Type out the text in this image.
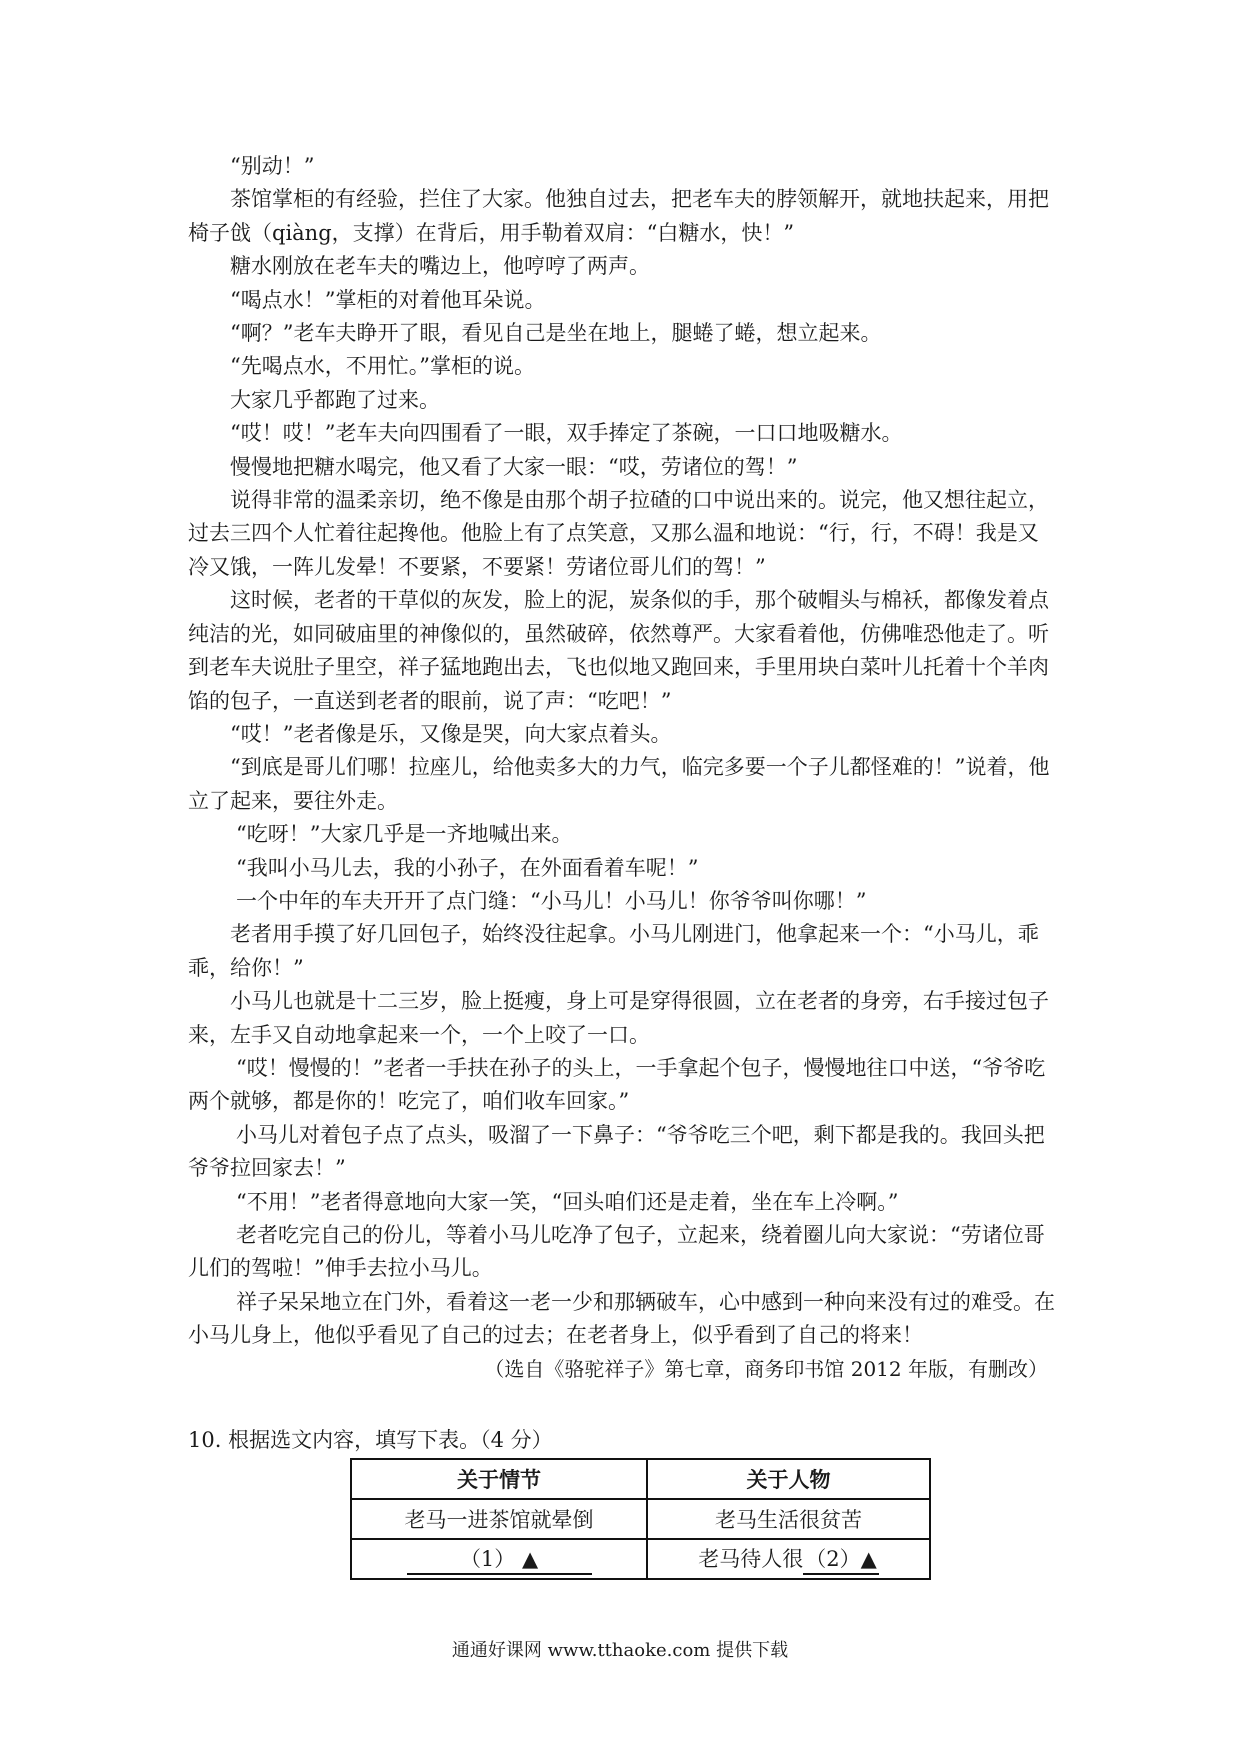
“别动！”

茶馆掌柜的有经验，拦住了大家。他独自过去，把老车夫的脖领解开，就地扶起来，用把椅子戗（qiàng，支撑）在背后，用手勒着双肩：“白糖水，快！”

糖水刚放在老车夫的嘴边上，他哼哼了两声。

“喝点水！”掌柜的对着他耳朵说。

“啊？”老车夫睁开了眼，看见自己是坐在地上，腿蜷了蜷，想立起来。

“先喝点水，不用忙。”掌柜的说。

大家几乎都跑了过来。

“哎！哎！”老车夫向四围看了一眼，双手捧定了茶碗，一口口地吸糖水。

慢慢地把糖水喝完，他又看了大家一眼：“哎，劳诸位的驾！”

说得非常的温柔亲切，绝不像是由那个胡子拉碴的口中说出来的。说完，他又想往起立，过去三四个人忙着往起搀他。他脸上有了点笑意，又那么温和地说：“行，行，不碍！我是又冷又饿，一阵儿发晕！不要紧，不要紧！劳诸位哥儿们的驾！”

这时候，老者的干草似的灰发，脸上的泥，炭条似的手，那个破帽头与棉袄，都像发着点纯洁的光，如同破庙里的神像似的，虽然破碎，依然尊严。大家看着他，仿佛唯恐他走了。听到老车夫说肚子里空，祥子猛地跑出去，飞也似地又跑回来，手里用块白菜叶儿托着十个羊肉馅的包子，一直送到老者的眼前，说了声：“吃吧！”

“哎！”老者像是乐，又像是哭，向大家点着头。

“到底是哥儿们哪！拉座儿，给他卖多大的力气，临完多要一个子儿都怪难的！”说着，他立了起来，要往外走。

“吃呀！”大家几乎是一齐地喊出来。

“我叫小马儿去，我的小孙子，在外面看着车呢！”

一个中年的车夫开开了点门缝：“小马儿！小马儿！你爷爷叫你哪！”

老者用手摸了好几回包子，始终没往起拿。小马儿刚进门，他拿起来一个：“小马儿，乖乖，给你！”

小马儿也就是十二三岁，脸上挺瘦，身上可是穿得很圆，立在老者的身旁，右手接过包子来，左手又自动地拿起来一个，一个上咬了一口。

“哎！慢慢的！”老者一手扶在孙子的头上，一手拿起个包子，慢慢地往口中送，“爷爷吃两个就够，都是你的！吃完了，咱们收车回家。”

小马儿对着包子点了点头，吸溜了一下鼻子：“爷爷吃三个吧，剩下都是我的。我回头把爷爷拉回家去！”

“不用！”老者得意地向大家一笑，“回头咱们还是走着，坐在车上冷啊。”

老者吃完自己的份儿，等着小马儿吃净了包子，立起来，绕着圈儿向大家说：“劳诸位哥儿们的驾啦！”伸手去拉小马儿。

祥子呆呆地立在门外，看着这一老一少和那辆破车，心中感到一种向来没有过的难受。在小马儿身上，他似乎看见了自己的过去；在老者身上，似乎看到了自己的将来！

（选自《骆驼祥子》第七章，商务印书馆 2012 年版，有删改）

10. 根据选文内容，填写下表。（4 分）
关于情节	关于人物
老马一进茶馆就晕倒	老马生活很贫苦
（1） ▲	老马待人很（2）▲
通通好课网 www.tthaoke.com 提供下载
